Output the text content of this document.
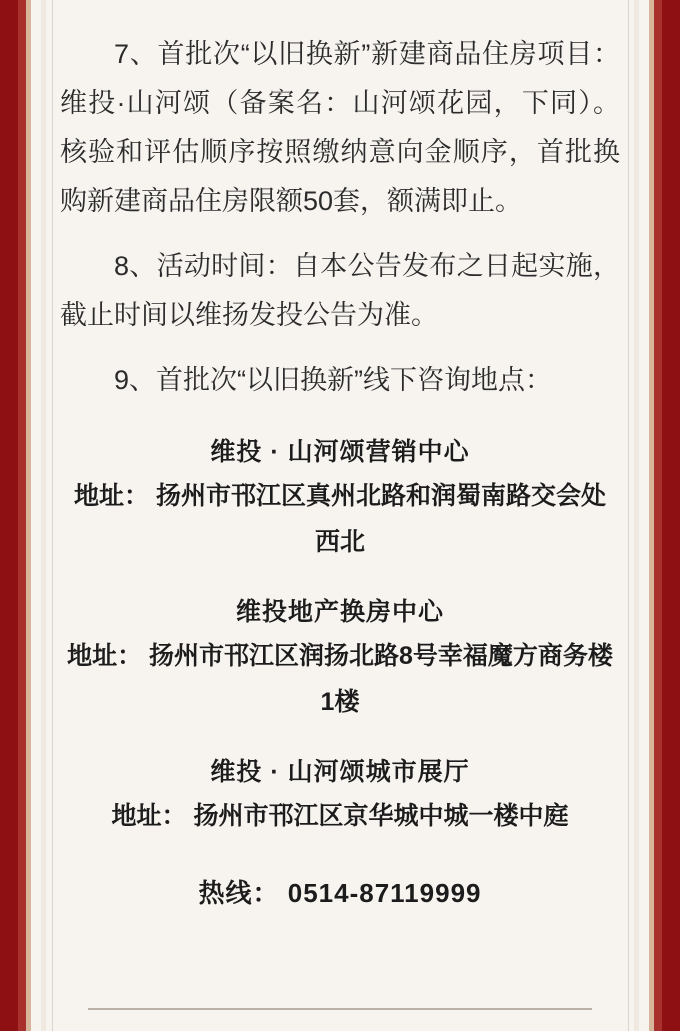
7、首批次“以旧换新”新建商品住房项目：维投·山河颂（备案名：山河颂花园，下同）。核验和评估顺序按照缴纳意向金顺序，首批换购新建商品住房限额50套，额满即止。

8、活动时间：自本公告发布之日起实施，截止时间以维扬发投公告为准。

9、首批次“以旧换新”线下咨询地点：

维投 · 山河颂营销中心
地址： 扬州市邗江区真州北路和润蜀南路交会处西北
维投地产换房中心
地址： 扬州市邗江区润扬北路8号幸福魔方商务楼1楼
维投 · 山河颂城市展厅
地址： 扬州市邗江区京华城中城一楼中庭
热线： 0514-87119999
